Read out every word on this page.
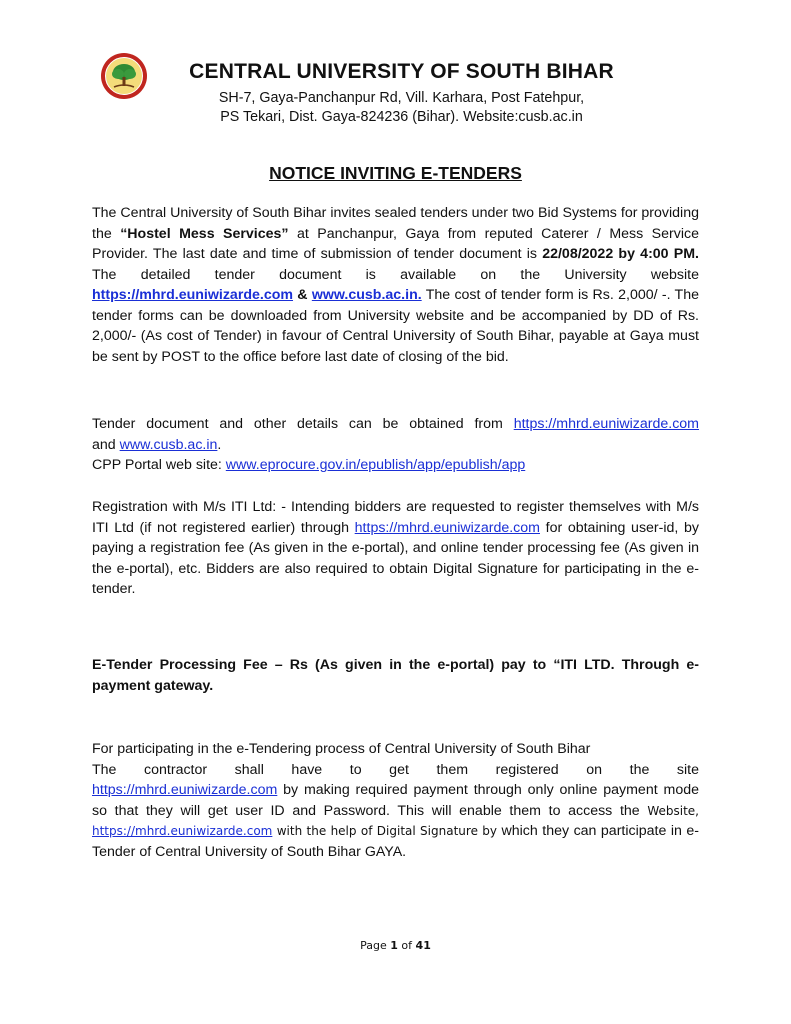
CENTRAL UNIVERSITY OF SOUTH BIHAR
SH-7, Gaya-Panchanpur Rd, Vill. Karhara, Post Fatehpur,
PS Tekari, Dist. Gaya-824236 (Bihar). Website:cusb.ac.in
NOTICE INVITING E-TENDERS

The Central University of South Bihar invites sealed tenders under two Bid Systems for providing the “Hostel Mess Services” at Panchanpur, Gaya from reputed Caterer / Mess Service Provider. The last date and time of submission of tender document is 22/08/2022 by 4:00 PM. The detailed tender document is available on the University website https://mhrd.euniwizarde.com & www.cusb.ac.in. The cost of tender form is Rs. 2,000/ -. The tender forms can be downloaded from University website and be accompanied by DD of Rs. 2,000/- (As cost of Tender) in favour of Central University of South Bihar, payable at Gaya must be sent by POST to the office before last date of closing of the bid.

Tender document and other details can be obtained from https://mhrd.euniwizarde.com
and www.cusb.ac.in.
CPP Portal web site: www.eprocure.gov.in/epublish/app/epublish/app

Registration with M/s ITI Ltd: - Intending bidders are requested to register themselves with M/s ITI Ltd (if not registered earlier) through https://mhrd.euniwizarde.com for obtaining user-id, by paying a registration fee (As given in the e-portal), and online tender processing fee (As given in the e-portal), etc. Bidders are also required to obtain Digital Signature for participating in the e-tender.

E-Tender Processing Fee – Rs (As given in the e-portal) pay to “ITI LTD. Through e-payment gateway.

For participating in the e-Tendering process of Central University of South Bihar

The contractor shall have to get them registered on the site
https://mhrd.euniwizarde.com by making required payment through only online payment mode so that they will get user ID and Password. This will enable them to access the Website, https://mhrd.euniwizarde.com with the help of Digital Signature by which they can participate in e-Tender of Central University of South Bihar GAYA.

Page 1 of 41
